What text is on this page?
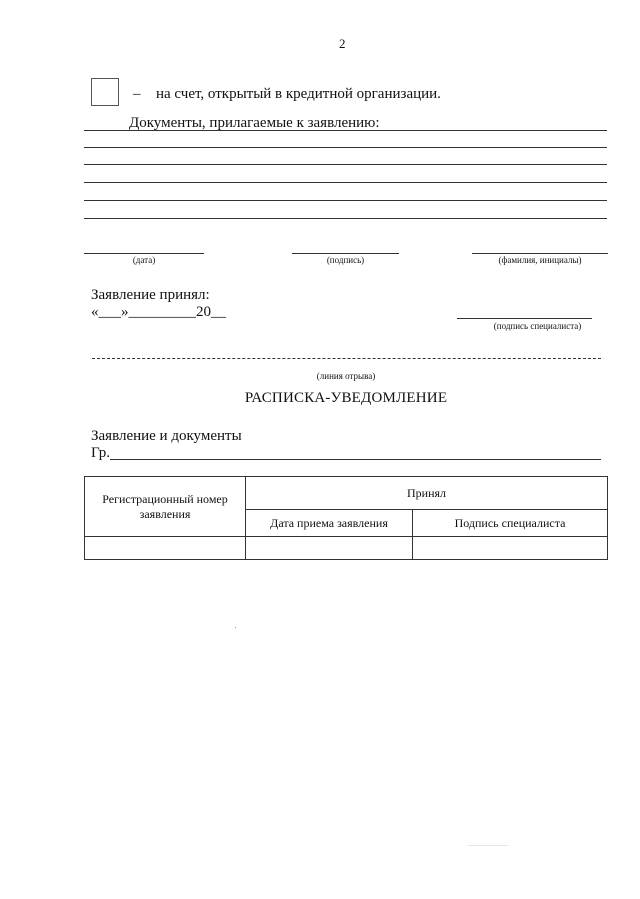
2
– на счет, открытый в кредитной организации.
Документы, прилагаемые к заявлению:
(дата)	(подпись)	(фамилия, инициалы)
Заявление принял:
«___»_________20__
(подпись специалиста)
(линия отрыва)
РАСПИСКА-УВЕДОМЛЕНИЕ
Заявление и документы
Гр.
Регистрационный номер заявления	Принял	
	Дата приема заявления	Подпись специалиста
